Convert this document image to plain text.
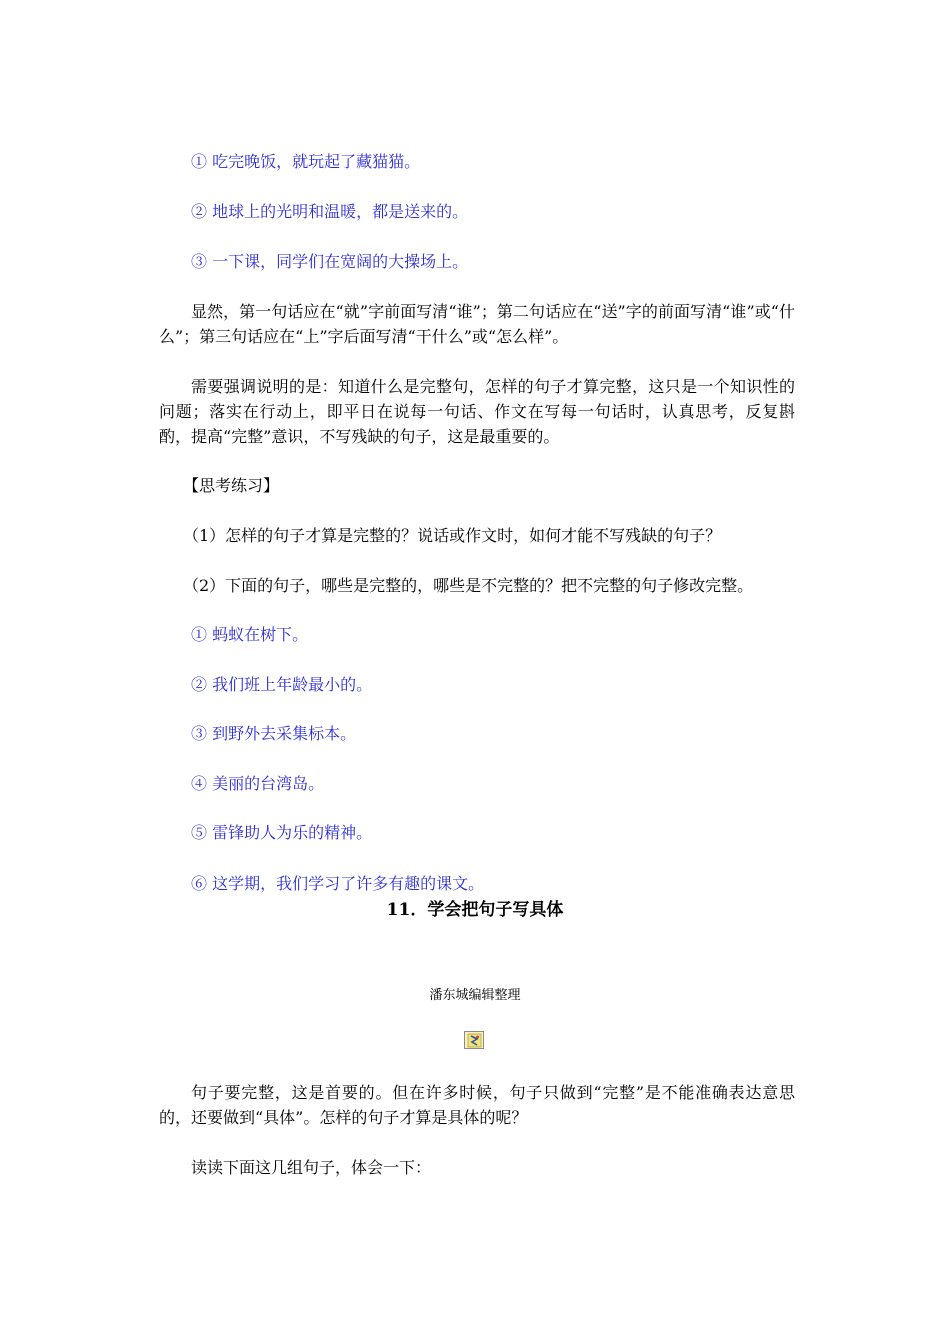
① 吃完晚饭，就玩起了藏猫猫。
② 地球上的光明和温暖，都是送来的。
③ 一下课，同学们在宽阔的大操场上。
显然，第一句话应在“就”字前面写清“谁”；第二句话应在“送”字的前面写清“谁”或“什么”；第三句话应在“上”字后面写清“干什么”或“怎么样”。
需要强调说明的是：知道什么是完整句，怎样的句子才算完整，这只是一个知识性的问题；落实在行动上，即平日在说每一句话、作文在写每一句话时，认真思考，反复斟酌，提高“完整”意识，不写残缺的句子，这是最重要的。
【思考练习】
（1）怎样的句子才算是完整的？说话或作文时，如何才能不写残缺的句子？
（2）下面的句子，哪些是完整的，哪些是不完整的？把不完整的句子修改完整。
① 蚂蚁在树下。
② 我们班上年龄最小的。
③ 到野外去采集标本。
④ 美丽的台湾岛。
⑤ 雷锋助人为乐的精神。
⑥ 这学期，我们学习了许多有趣的课文。
11．学会把句子写具体
潘东城编辑整理
句子要完整，这是首要的。但在许多时候，句子只做到“完整”是不能准确表达意思的，还要做到“具体”。怎样的句子才算是具体的呢？
读读下面这几组句子，体会一下：
